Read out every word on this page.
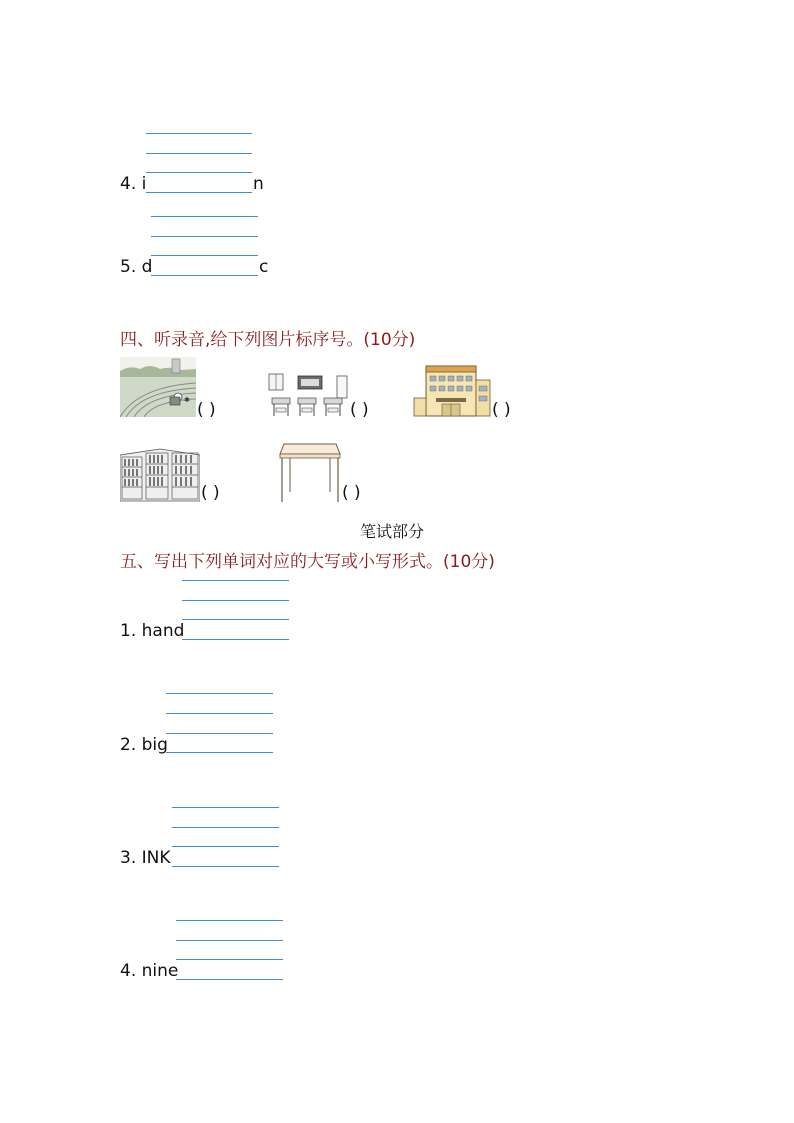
4. i	n
5. d	c
四、听录音,给下列图片标序号。(10分)
✱ ( )	( )	( )
( )	( )
笔试部分
五、写出下列单词对应的大写或小写形式。(10分)
1. hand
2. big
3. INK
4. nine
